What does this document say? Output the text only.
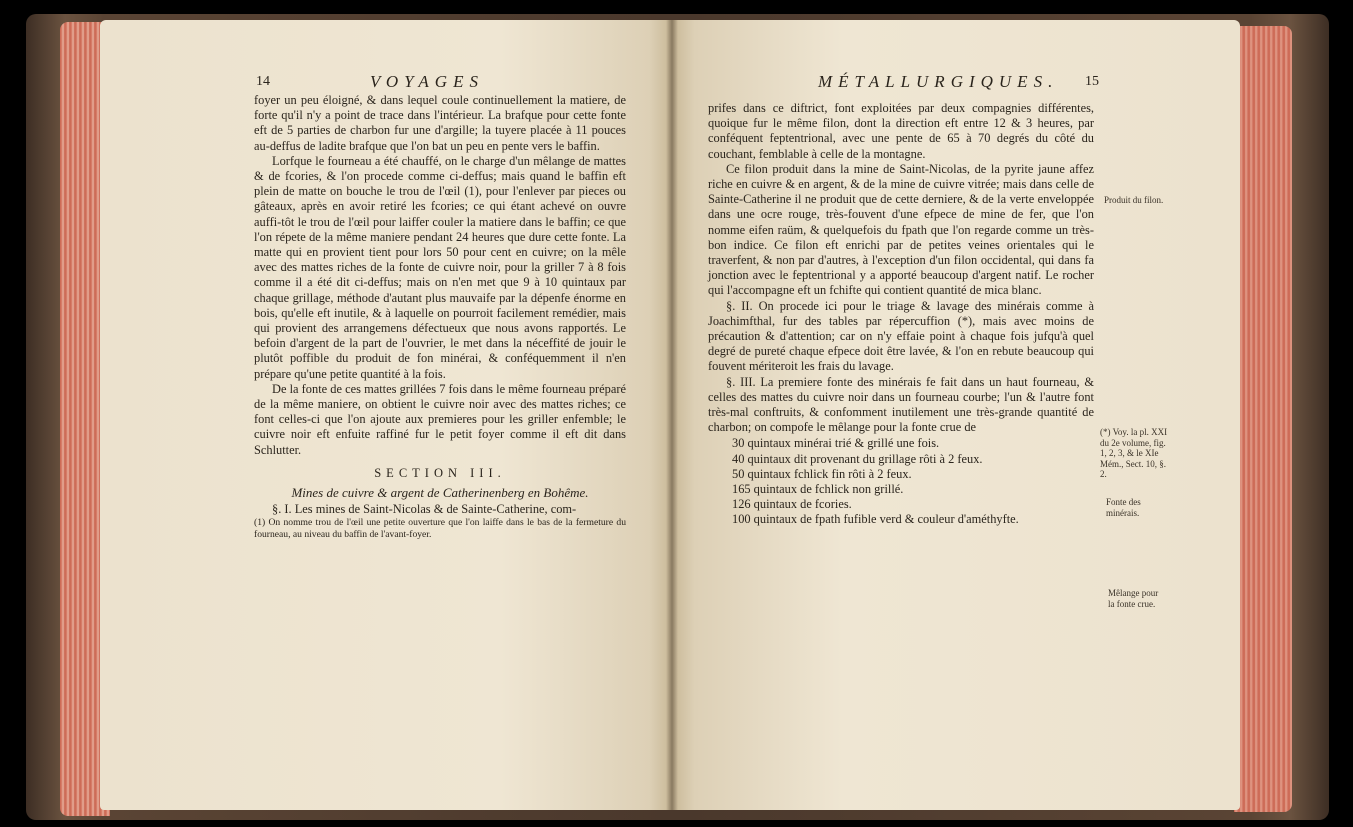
14	VOYAGES

foyer un peu éloigné, & dans lequel coule continuellement la matiere, de forte qu'il n'y a point de trace dans l'intérieur. La brafque pour cette fonte eft de 5 parties de charbon fur une d'argille; la tuyere placée à 11 pouces au-deffus de ladite brafque que l'on bat un peu en pente vers le baffin.

Lorfque le fourneau a été chauffé, on le charge d'un mêlange de mattes & de fcories, & l'on procede comme ci-deffus; mais quand le baffin eft plein de matte on bouche le trou de l'œil (1), pour l'enlever par pieces ou gâteaux, après en avoir retiré les fcories; ce qui étant achevé on ouvre auffi-tôt le trou de l'œil pour laiffer couler la matiere dans le baffin; ce que l'on répete de la même maniere pendant 24 heures que dure cette fonte. La matte qui en provient tient pour lors 50 pour cent en cuivre; on la mêle avec des mattes riches de la fonte de cuivre noir, pour la griller 7 à 8 fois comme il a été dit ci-deffus; mais on n'en met que 9 à 10 quintaux par chaque grillage, méthode d'autant plus mauvaife par la dépenfe énorme en bois, qu'elle eft inutile, & à laquelle on pourroit facilement remédier, mais qui provient des arrangemens défectueux que nous avons rapportés. Le befoin d'argent de la part de l'ouvrier, le met dans la néceffité de jouir le plutôt poffible du produit de fon minérai, & conféquemment il n'en prépare qu'une petite quantité à la fois.

De la fonte de ces mattes grillées 7 fois dans le même fourneau préparé de la même maniere, on obtient le cuivre noir avec des mattes riches; ce font celles-ci que l'on ajoute aux premieres pour les griller enfemble; le cuivre noir eft enfuite raffiné fur le petit foyer comme il eft dit dans Schlutter.

SECTION III.
Mines de cuivre & argent de Catherinenberg en Bohême.

§. I. Les mines de Saint-Nicolas & de Sainte-Catherine, com-

(1) On nomme trou de l'œil une petite ouverture que l'on laiffe dans le bas de la fermeture du fourneau, au niveau du baffin de l'avant-foyer.

MÉTALLURGIQUES. 15

prifes dans ce diftrict, font exploitées par deux compagnies différentes, quoique fur le même filon, dont la direction eft entre 12 & 3 heures, par conféquent feptentrional, avec une pente de 65 à 70 degrés du côté du couchant, femblable à celle de la montagne.

Ce filon produit dans la mine de Saint-Nicolas, de la pyrite jaune affez riche en cuivre & en argent, & de la mine de cuivre vitrée; mais dans celle de Sainte-Catherine il ne produit que de cette derniere, & de la verte enveloppée dans une ocre rouge, très-fouvent d'une efpece de mine de fer, que l'on nomme eifen raüm, & quelquefois du fpath que l'on regarde comme un très-bon indice. Ce filon eft enrichi par de petites veines orientales qui le traverfent, & non par d'autres, à l'exception d'un filon occidental, qui dans fa jonction avec le feptentrional y a apporté beaucoup d'argent natif. Le rocher qui l'accompagne eft un fchifte qui contient quantité de mica blanc.

§. II. On procede ici pour le triage & lavage des minérais comme à Joachimfthal, fur des tables par répercuffion (*), mais avec moins de précaution & d'attention; car on n'y effaie point à chaque fois jufqu'à quel degré de pureté chaque efpece doit être lavée, & l'on en rebute beaucoup qui fouvent mériteroit les frais du lavage.

§. III. La premiere fonte des minérais fe fait dans un haut fourneau, & celles des mattes du cuivre noir dans un fourneau courbe; l'un & l'autre font très-mal conftruits, & confomment inutilement une très-grande quantité de charbon; on compofe le mêlange pour la fonte crue de

30 quintaux minérai trié & grillé une fois.
40 quintaux dit provenant du grillage rôti à 2 feux.
50 quintaux fchlick fin rôti à 2 feux.
165 quintaux de fchlick non grillé.
126 quintaux de fcories.
100 quintaux de fpath fufible verd & couleur d'améthyfte.
Produit du filon.
(*) Voy. la pl. XXI du 2e volume, fig. 1, 2, 3, & le XIe Mém., Sect. 10, §. 2.
Fonte des minérais.
Mêlange pour la fonte crue.
